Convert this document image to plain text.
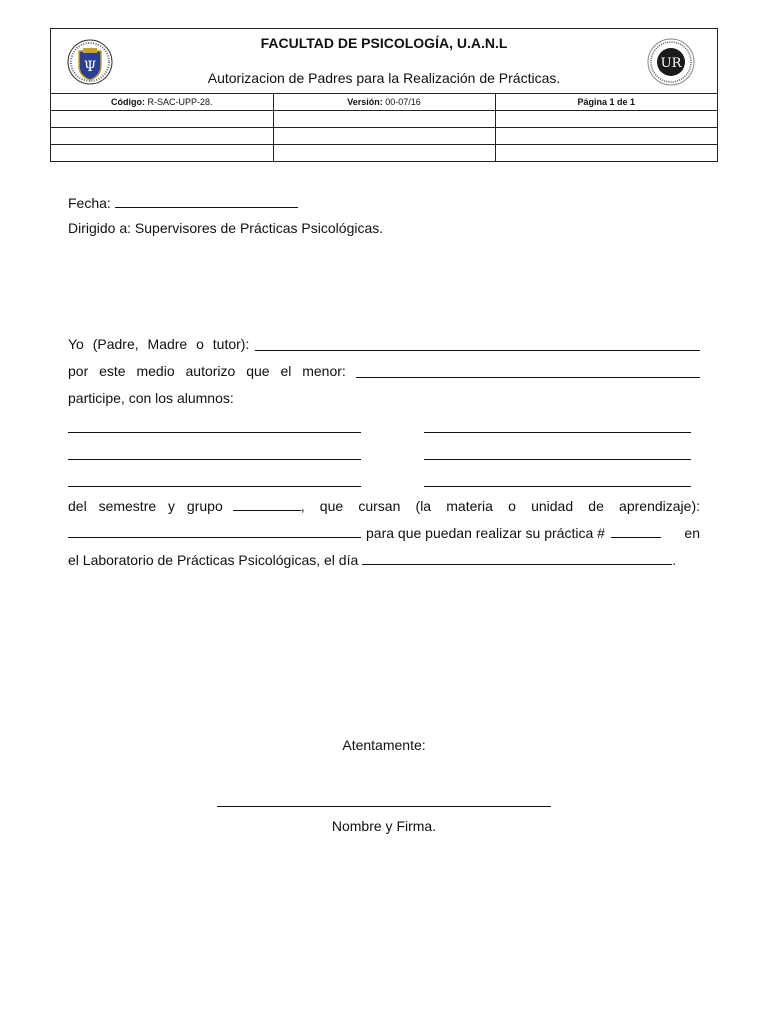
Ψ
FACULTAD DE PSICOLOGÍA, U.A.N.L
Autorizacion de Padres para la Realización de Prácticas.
UR
Código: R-SAC-UPP-28.	Versión: 00-07/16	Página 1 de 1

Fecha:
Dirigido a: Supervisores de Prácticas Psicológicas.
Yo (Padre, Madre o tutor):
por este medio autorizo que el menor:
participe, con los alumnos:
del semestre y grupo	, que cursan (la materia o unidad de aprendizaje):
para que puedan realizar su práctica #	en
el Laboratorio de Prácticas Psicológicas, el día	.
Atentamente:
Nombre y Firma.
